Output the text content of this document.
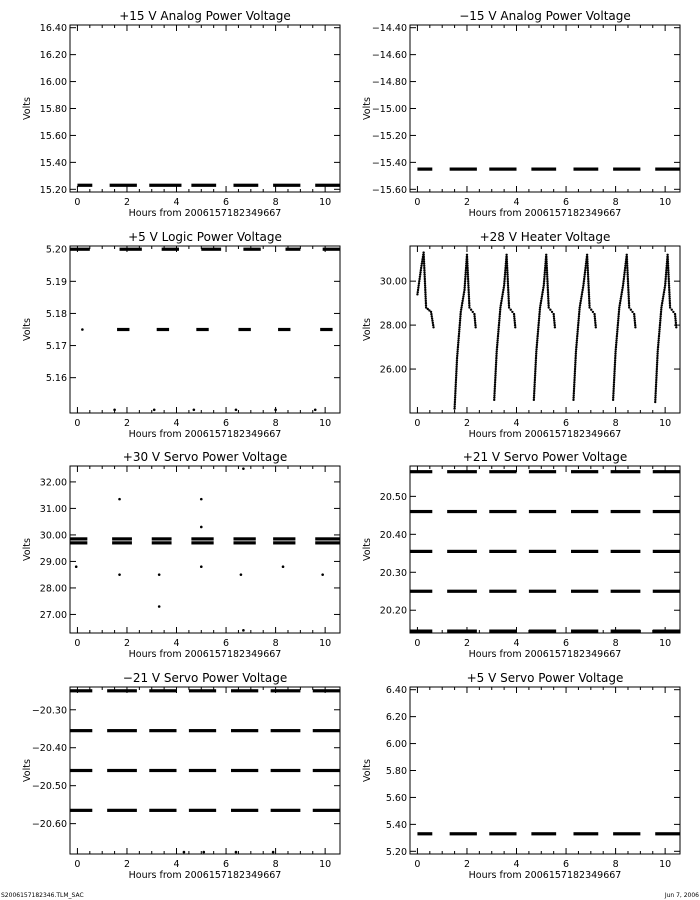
+15 V Analog Power Voltage
0	2	4	6	8	10
15.20
15.40
15.60
15.80
16.00
16.20
16.40
Hours from 2006157182349667
Volts
−15 V Analog Power Voltage
0	2	4	6	8	10
−15.60
−15.40
−15.20
−15.00
−14.80
−14.60
−14.40
Hours from 2006157182349667
Volts
+5 V Logic Power Voltage
0	2	4	6	8	10
5.16
5.17
5.18
5.19
5.20
Hours from 2006157182349667
Volts
+28 V Heater Voltage
0	2	4	6	8	10
26.00
28.00
30.00
Hours from 2006157182349667
Volts
+30 V Servo Power Voltage
0	2	4	6	8	10
27.00
28.00
29.00
30.00
31.00
32.00
Hours from 2006157182349667
Volts
+21 V Servo Power Voltage
0	2	4	6	8	10
20.20
20.30
20.40
20.50
Hours from 2006157182349667
Volts
−21 V Servo Power Voltage
0	2	4	6	8	10
−20.60
−20.50
−20.40
−20.30
Hours from 2006157182349667
Volts
+5 V Servo Power Voltage
0	2	4	6	8	10
5.20
5.40
5.60
5.80
6.00
6.20
6.40
Hours from 2006157182349667
Volts
S2006157182346.TLM_SAC	Jun 7, 2006
